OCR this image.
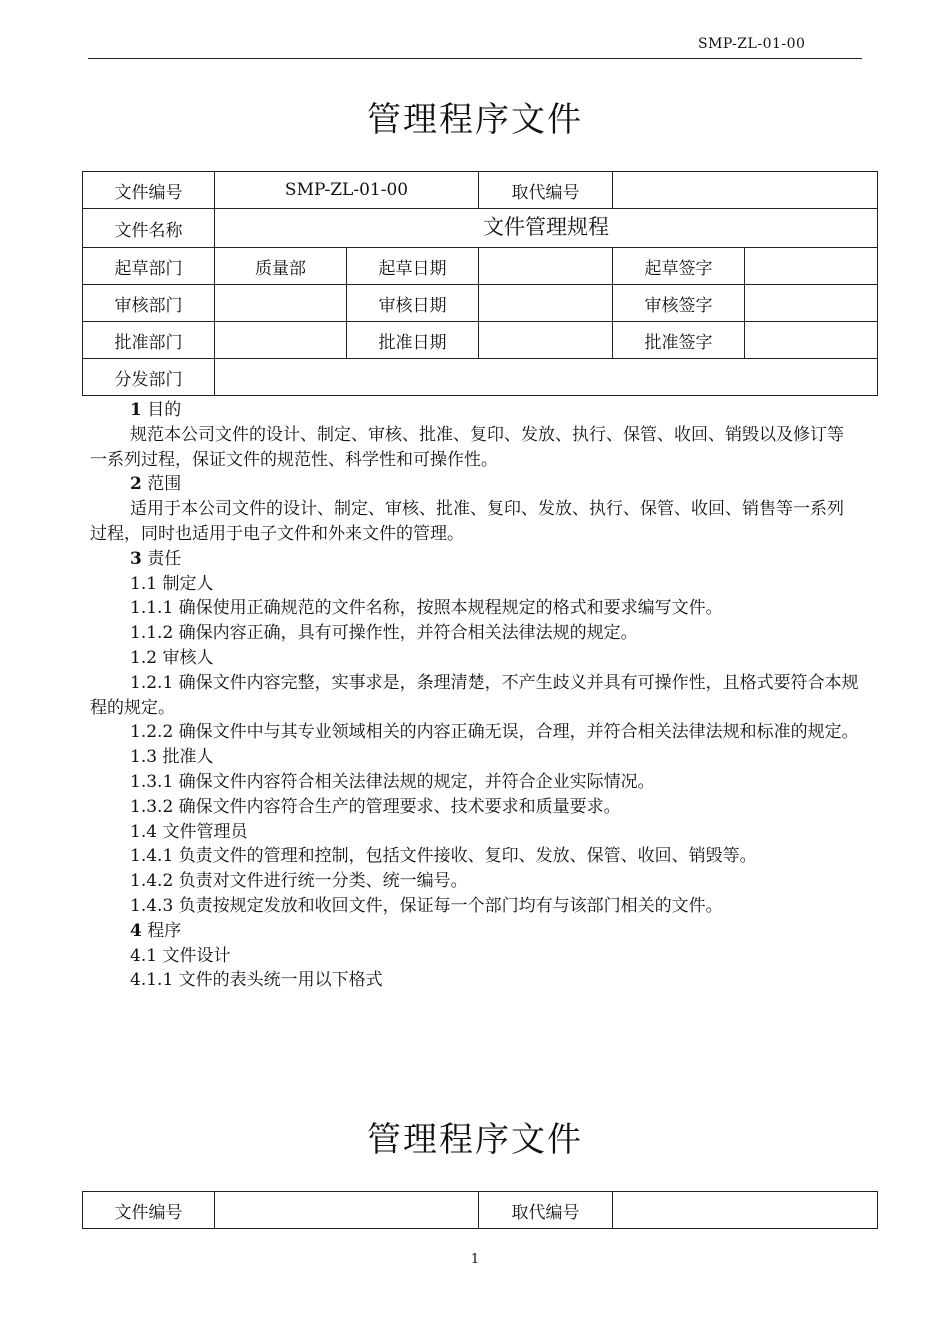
SMP-ZL-01-00
管理程序文件
文件编号	SMP-ZL-01-00		取代编号		
文件名称	文件管理规程				
起草部门	质量部	起草日期		起草签字	
审核部门		审核日期		审核签字	
批准部门		批准日期		批准签字	
分发部门					

1 目的

规范本公司文件的设计、制定、审核、批准、复印、发放、执行、保管、收回、销毁以及修订等一系列过程，保证文件的规范性、科学性和可操作性。

2 范围

适用于本公司文件的设计、制定、审核、批准、复印、发放、执行、保管、收回、销售等一系列过程，同时也适用于电子文件和外来文件的管理。

3 责任

1.1 制定人

1.1.1 确保使用正确规范的文件名称，按照本规程规定的格式和要求编写文件。

1.1.2 确保内容正确，具有可操作性，并符合相关法律法规的规定。

1.2 审核人

1.2.1 确保文件内容完整，实事求是，条理清楚，不产生歧义并具有可操作性，且格式要符合本规程的规定。

1.2.2 确保文件中与其专业领域相关的内容正确无误，合理，并符合相关法律法规和标准的规定。

1.3 批准人

1.3.1 确保文件内容符合相关法律法规的规定，并符合企业实际情况。

1.3.2 确保文件内容符合生产的管理要求、技术要求和质量要求。

1.4 文件管理员

1.4.1 负责文件的管理和控制，包括文件接收、复印、发放、保管、收回、销毁等。

1.4.2 负责对文件进行统一分类、统一编号。

1.4.3 负责按规定发放和收回文件，保证每一个部门均有与该部门相关的文件。

4 程序

4.1 文件设计

4.1.1 文件的表头统一用以下格式

管理程序文件
文件编号		取代编号	
1
